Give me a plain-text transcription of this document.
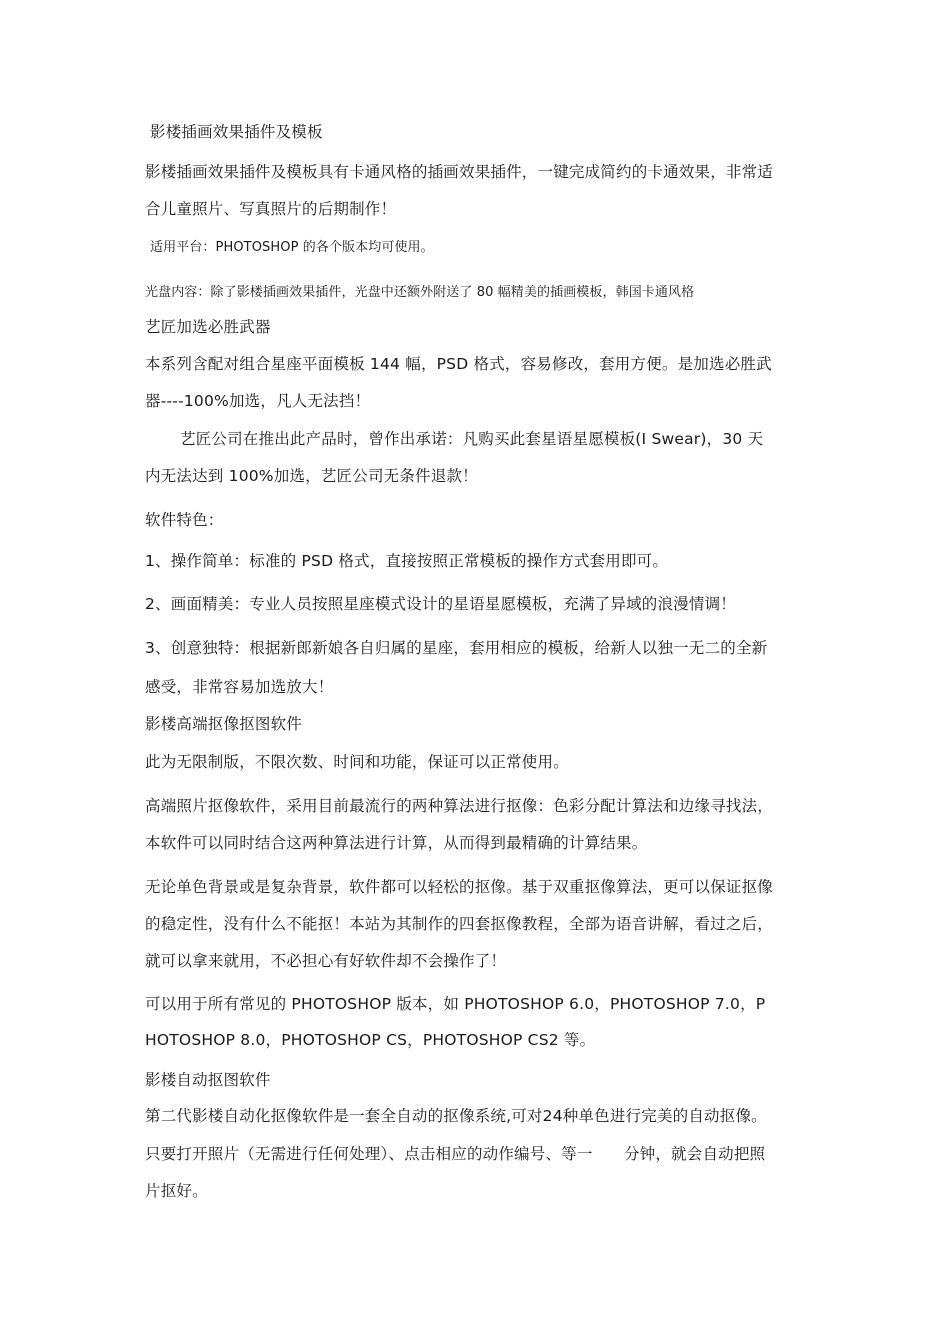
影楼插画效果插件及模板
影楼插画效果插件及模板具有卡通风格的插画效果插件，一键完成简约的卡通效果，非常适
合儿童照片、写真照片的后期制作！
适用平台：PHOTOSHOP 的各个版本均可使用。
光盘内容：除了影楼插画效果插件，光盘中还额外附送了 80 幅精美的插画模板，韩国卡通风格
艺匠加选必胜武器
本系列含配对组合星座平面模板 144 幅，PSD 格式，容易修改，套用方便。是加选必胜武
器----100%加选，凡人无法挡！
艺匠公司在推出此产品时，曾作出承诺：凡购买此套星语星愿模板(I Swear)，30 天
内无法达到 100%加选，艺匠公司无条件退款！
软件特色：
1、操作简单：标准的 PSD 格式，直接按照正常模板的操作方式套用即可。
2、画面精美：专业人员按照星座模式设计的星语星愿模板，充满了异域的浪漫情调！
3、创意独特：根据新郎新娘各自归属的星座，套用相应的模板，给新人以独一无二的全新
感受，非常容易加选放大！
影楼高端抠像抠图软件
此为无限制版，不限次数、时间和功能，保证可以正常使用。
高端照片抠像软件，采用目前最流行的两种算法进行抠像：色彩分配计算法和边缘寻找法，
本软件可以同时结合这两种算法进行计算，从而得到最精确的计算结果。
无论单色背景或是复杂背景，软件都可以轻松的抠像。基于双重抠像算法，更可以保证抠像
的稳定性，没有什么不能抠！本站为其制作的四套抠像教程，全部为语音讲解，看过之后，
就可以拿来就用，不必担心有好软件却不会操作了！
可以用于所有常见的 PHOTOSHOP 版本，如 PHOTOSHOP 6.0，PHOTOSHOP 7.0，P
HOTOSHOP 8.0，PHOTOSHOP CS，PHOTOSHOP CS2 等。
影楼自动抠图软件
第二代影楼自动化抠像软件是一套全自动的抠像系统,可对24种单色进行完美的自动抠像。
只要打开照片（无需进行任何处理）、点击相应的动作编号、等一　　分钟，就会自动把照
片抠好。
